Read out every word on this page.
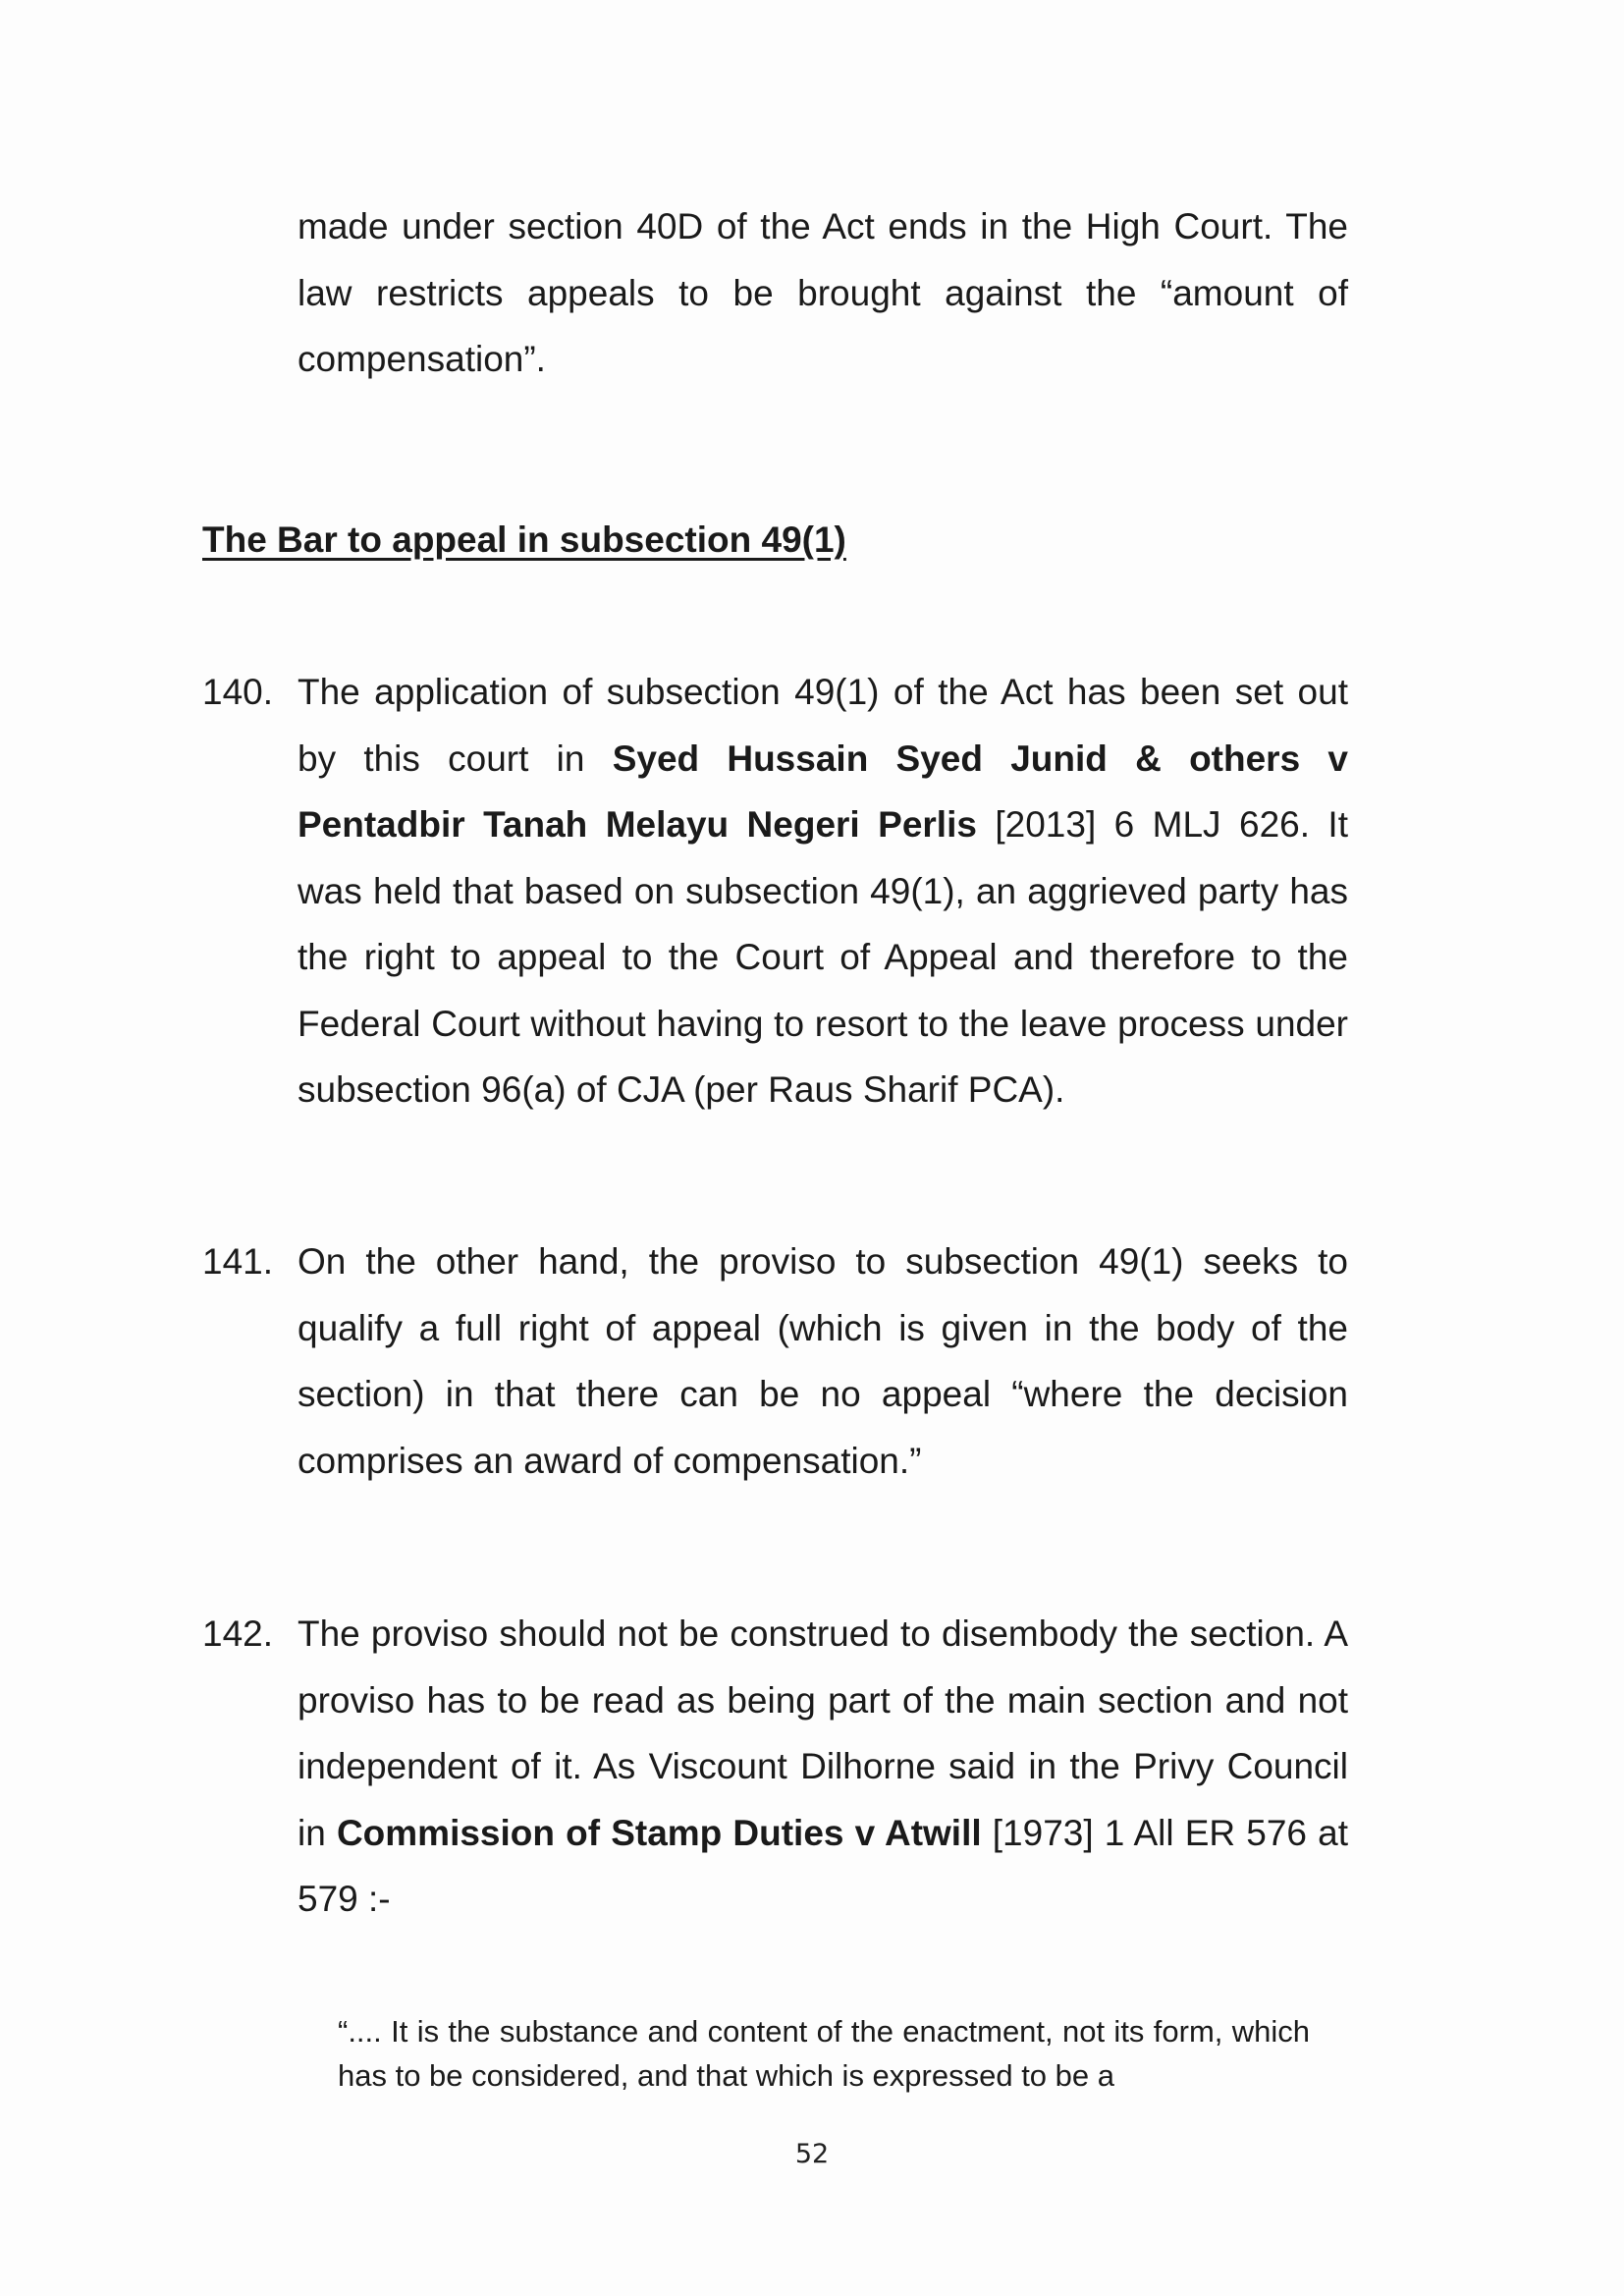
made under section 40D of the Act ends in the High Court. The law restricts appeals to be brought against the “amount of compensation”.
The Bar to appeal in subsection 49(1)
140. The application of subsection 49(1) of the Act has been set out by this court in Syed Hussain Syed Junid & others v Pentadbir Tanah Melayu Negeri Perlis [2013] 6 MLJ 626. It was held that based on subsection 49(1), an aggrieved party has the right to appeal to the Court of Appeal and therefore to the Federal Court without having to resort to the leave process under subsection 96(a) of CJA (per Raus Sharif PCA).
141. On the other hand, the proviso to subsection 49(1) seeks to qualify a full right of appeal (which is given in the body of the section) in that there can be no appeal “where the decision comprises an award of compensation.”
142. The proviso should not be construed to disembody the section. A proviso has to be read as being part of the main section and not independent of it. As Viscount Dilhorne said in the Privy Council in Commission of Stamp Duties v Atwill [1973] 1 All ER 576 at 579 :-
“.... It is the substance and content of the enactment, not its form, which has to be considered, and that which is expressed to be a
52
